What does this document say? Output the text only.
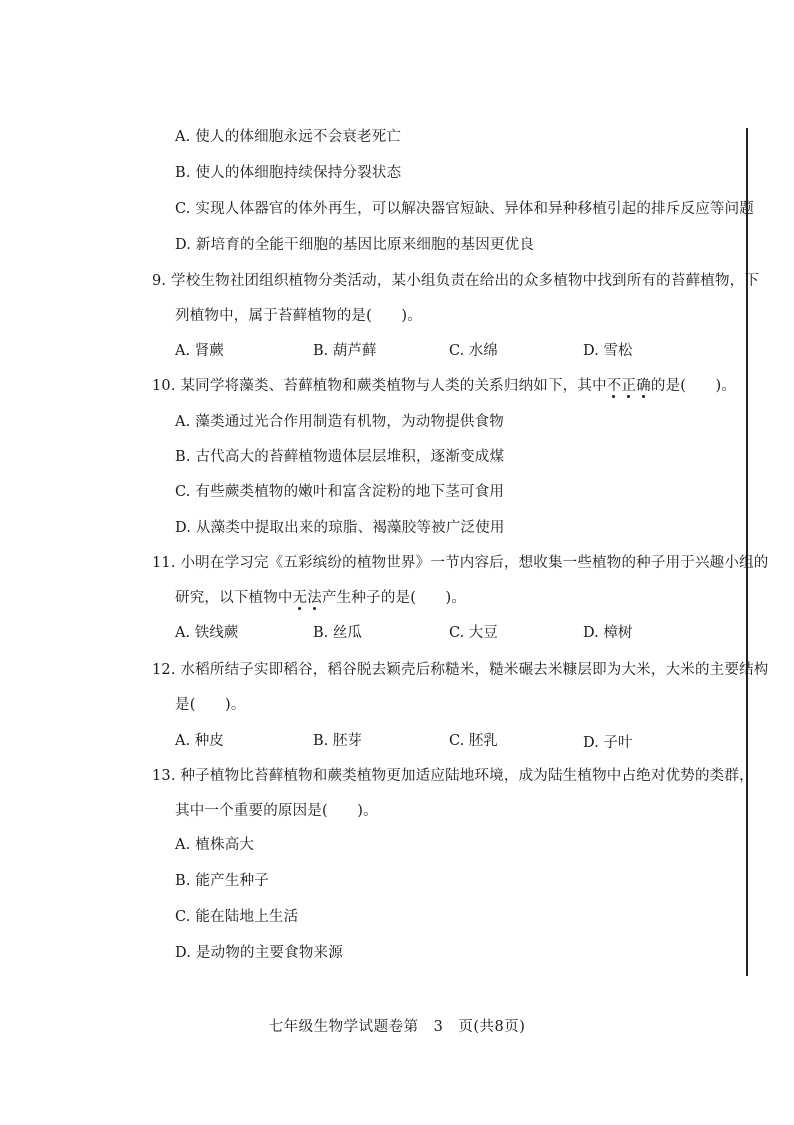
A. 使人的体细胞永远不会衰老死亡
B. 使人的体细胞持续保持分裂状态
C. 实现人体器官的体外再生，可以解决器官短缺、异体和异种移植引起的排斥反应等问题
D. 新培育的全能干细胞的基因比原来细胞的基因更优良
9. 学校生物社团组织植物分类活动，某小组负责在给出的众多植物中找到所有的苔藓植物，下
列植物中，属于苔藓植物的是(　　)。
A. 肾蕨	B. 葫芦藓	C. 水绵	D. 雪松
10. 某同学将藻类、苔藓植物和蕨类植物与人类的关系归纳如下，其中不正确
的是(　　)。
A. 藻类通过光合作用制造有机物，为动物提供食物
B. 古代高大的苔藓植物遗体层层堆积，逐渐变成煤
C. 有些蕨类植物的嫩叶和富含淀粉的地下茎可食用
D. 从藻类中提取出来的琼脂、褐藻胶等被广泛使用
11. 小明在学习完《五彩缤纷的植物世界》一节内容后，想收集一些植物的种子用于兴趣小组的
研究，以下植物中无法
产生种子的是(　　)。
A. 铁线蕨	B. 丝瓜	C. 大豆	D. 樟树
12. 水稻所结子实即稻谷，稻谷脱去颖壳后称糙米，糙米碾去米糠层即为大米，大米的主要结构
是(　　)。
A. 种皮	B. 胚芽	C. 胚乳	D. 子叶
13. 种子植物比苔藓植物和蕨类植物更加适应陆地环境，成为陆生植物中占绝对优势的类群，
其中一个重要的原因是(　　)。
A. 植株高大
B. 能产生种子
C. 能在陆地上生活
D. 是动物的主要食物来源
七年级生物学试题卷第　3　页(共8页)
